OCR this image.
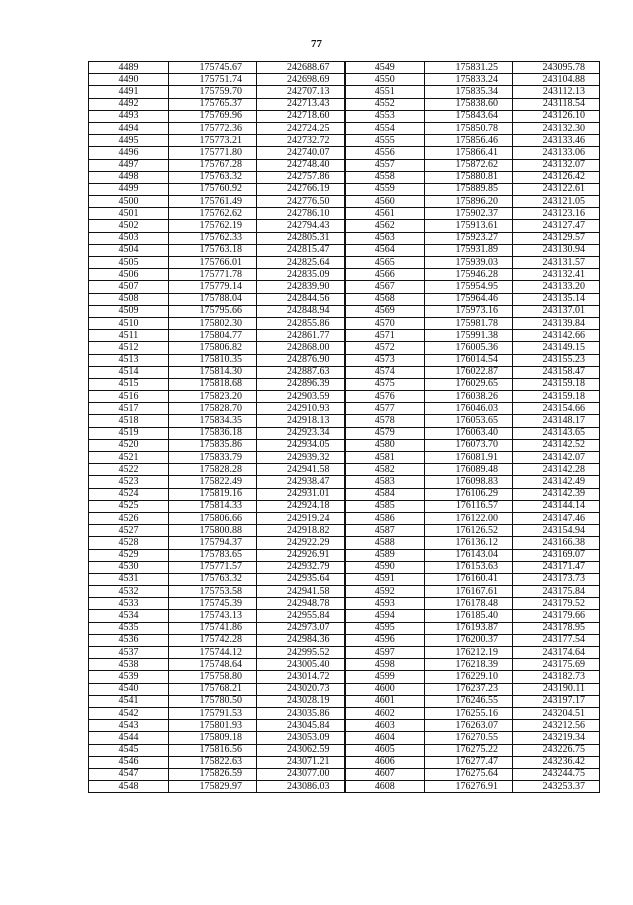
77
4489	175745.67	242688.67	4549	175831.25	243095.78
4490	175751.74	242698.69	4550	175833.24	243104.88
4491	175759.70	242707.13	4551	175835.34	243112.13
4492	175765.37	242713.43	4552	175838.60	243118.54
4493	175769.96	242718.60	4553	175843.64	243126.10
4494	175772.36	242724.25	4554	175850.78	243132.30
4495	175773.21	242732.72	4555	175856.46	243133.46
4496	175771.80	242740.07	4556	175866.41	243133.06
4497	175767.28	242748.40	4557	175872.62	243132.07
4498	175763.32	242757.86	4558	175880.81	243126.42
4499	175760.92	242766.19	4559	175889.85	243122.61
4500	175761.49	242776.50	4560	175896.20	243121.05
4501	175762.62	242786.10	4561	175902.37	243123.16
4502	175762.19	242794.43	4562	175913.61	243127.47
4503	175762.33	242805.31	4563	175923.27	243129.57
4504	175763.18	242815.47	4564	175931.89	243130.94
4505	175766.01	242825.64	4565	175939.03	243131.57
4506	175771.78	242835.09	4566	175946.28	243132.41
4507	175779.14	242839.90	4567	175954.95	243133.20
4508	175788.04	242844.56	4568	175964.46	243135.14
4509	175795.66	242848.94	4569	175973.16	243137.01
4510	175802.30	242855.86	4570	175981.78	243139.84
4511	175804.77	242861.77	4571	175991.38	243142.66
4512	175806.82	242868.00	4572	176005.36	243149.15
4513	175810.35	242876.90	4573	176014.54	243155.23
4514	175814.30	242887.63	4574	176022.87	243158.47
4515	175818.68	242896.39	4575	176029.65	243159.18
4516	175823.20	242903.59	4576	176038.26	243159.18
4517	175828.70	242910.93	4577	176046.03	243154.66
4518	175834.35	242918.13	4578	176053.65	243148.17
4519	175836.18	242923.34	4579	176063.40	243143.65
4520	175835.86	242934.05	4580	176073.70	243142.52
4521	175833.79	242939.32	4581	176081.91	243142.07
4522	175828.28	242941.58	4582	176089.48	243142.28
4523	175822.49	242938.47	4583	176098.83	243142.49
4524	175819.16	242931.01	4584	176106.29	243142.39
4525	175814.33	242924.18	4585	176116.57	243144.14
4526	175806.66	242919.24	4586	176122.00	243147.46
4527	175800.88	242918.82	4587	176126.52	243154.94
4528	175794.37	242922.29	4588	176136.12	243166.38
4529	175783.65	242926.91	4589	176143.04	243169.07
4530	175771.57	242932.79	4590	176153.63	243171.47
4531	175763.32	242935.64	4591	176160.41	243173.73
4532	175753.58	242941.58	4592	176167.61	243175.84
4533	175745.39	242948.78	4593	176178.48	243179.52
4534	175743.13	242955.84	4594	176185.40	243179.66
4535	175741.86	242973.07	4595	176193.87	243178.95
4536	175742.28	242984.36	4596	176200.37	243177.54
4537	175744.12	242995.52	4597	176212.19	243174.64
4538	175748.64	243005.40	4598	176218.39	243175.69
4539	175758.80	243014.72	4599	176229.10	243182.73
4540	175768.21	243020.73	4600	176237.23	243190.11
4541	175780.50	243028.19	4601	176246.55	243197.17
4542	175791.53	243035.86	4602	176255.16	243204.51
4543	175801.93	243045.84	4603	176263.07	243212.56
4544	175809.18	243053.09	4604	176270.55	243219.34
4545	175816.56	243062.59	4605	176275.22	243226.75
4546	175822.63	243071.21	4606	176277.47	243236.42
4547	175826.59	243077.00	4607	176275.64	243244.75
4548	175829.97	243086.03	4608	176276.91	243253.37
